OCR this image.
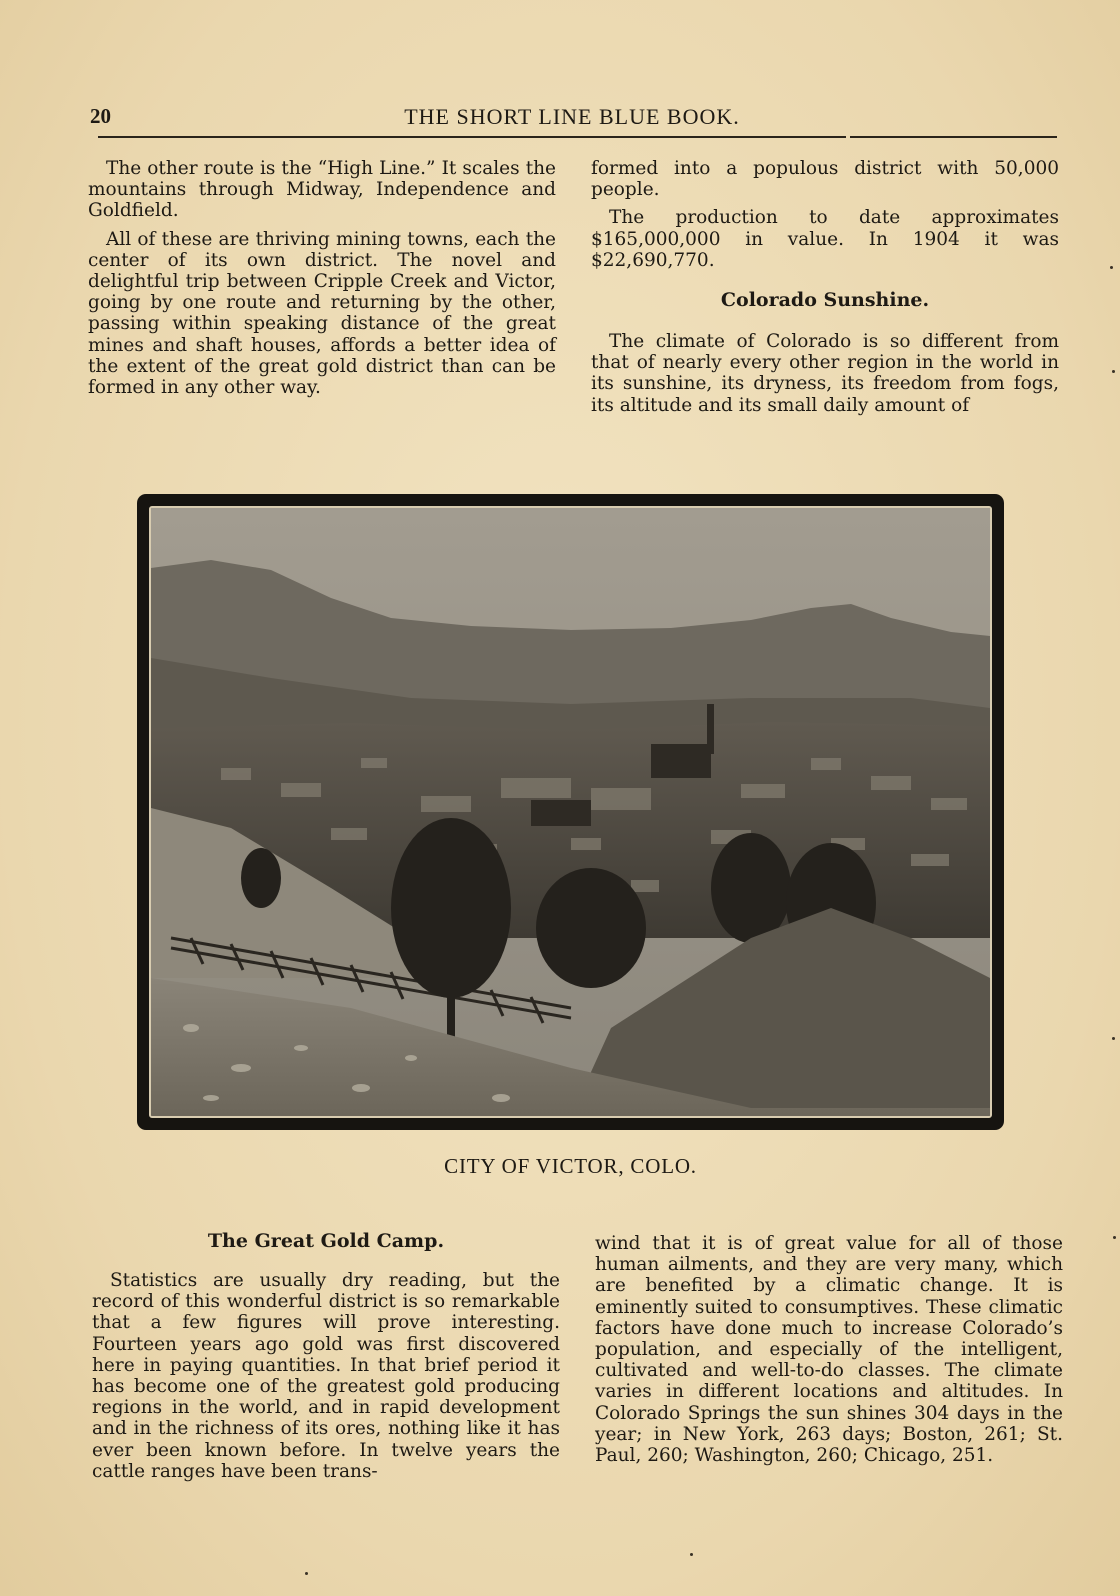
20	THE SHORT LINE BLUE BOOK.

The other route is the “High Line.” It scales the mountains through Midway, Independence and Goldfield.

All of these are thriving mining towns, each the center of its own district. The novel and delightful trip between Cripple Creek and Victor, going by one route and returning by the other, passing within speaking distance of the great mines and shaft houses, affords a better idea of the extent of the great gold district than can be formed in any other way.

formed into a populous district with 50,000 people.

The production to date approximates $165,000,000 in value. In 1904 it was $22,690,770.

Colorado Sunshine.

The climate of Colorado is so different from that of nearly every other region in the world in its sunshine, its dryness, its freedom from fogs, its altitude and its small daily amount of

CITY OF VICTOR, COLO.
The Great Gold Camp.

Statistics are usually dry reading, but the record of this wonderful district is so remarkable that a few figures will prove interesting. Fourteen years ago gold was first discovered here in paying quantities. In that brief period it has become one of the greatest gold producing regions in the world, and in rapid development and in the richness of its ores, nothing like it has ever been known before. In twelve years the cattle ranges have been trans-

wind that it is of great value for all of those human ailments, and they are very many, which are benefited by a climatic change. It is eminently suited to consumptives. These climatic factors have done much to increase Colorado’s population, and especially of the intelligent, cultivated and well-to-do classes. The climate varies in different locations and altitudes. In Colorado Springs the sun shines 304 days in the year; in New York, 263 days; Boston, 261; St. Paul, 260; Washington, 260; Chicago, 251.
